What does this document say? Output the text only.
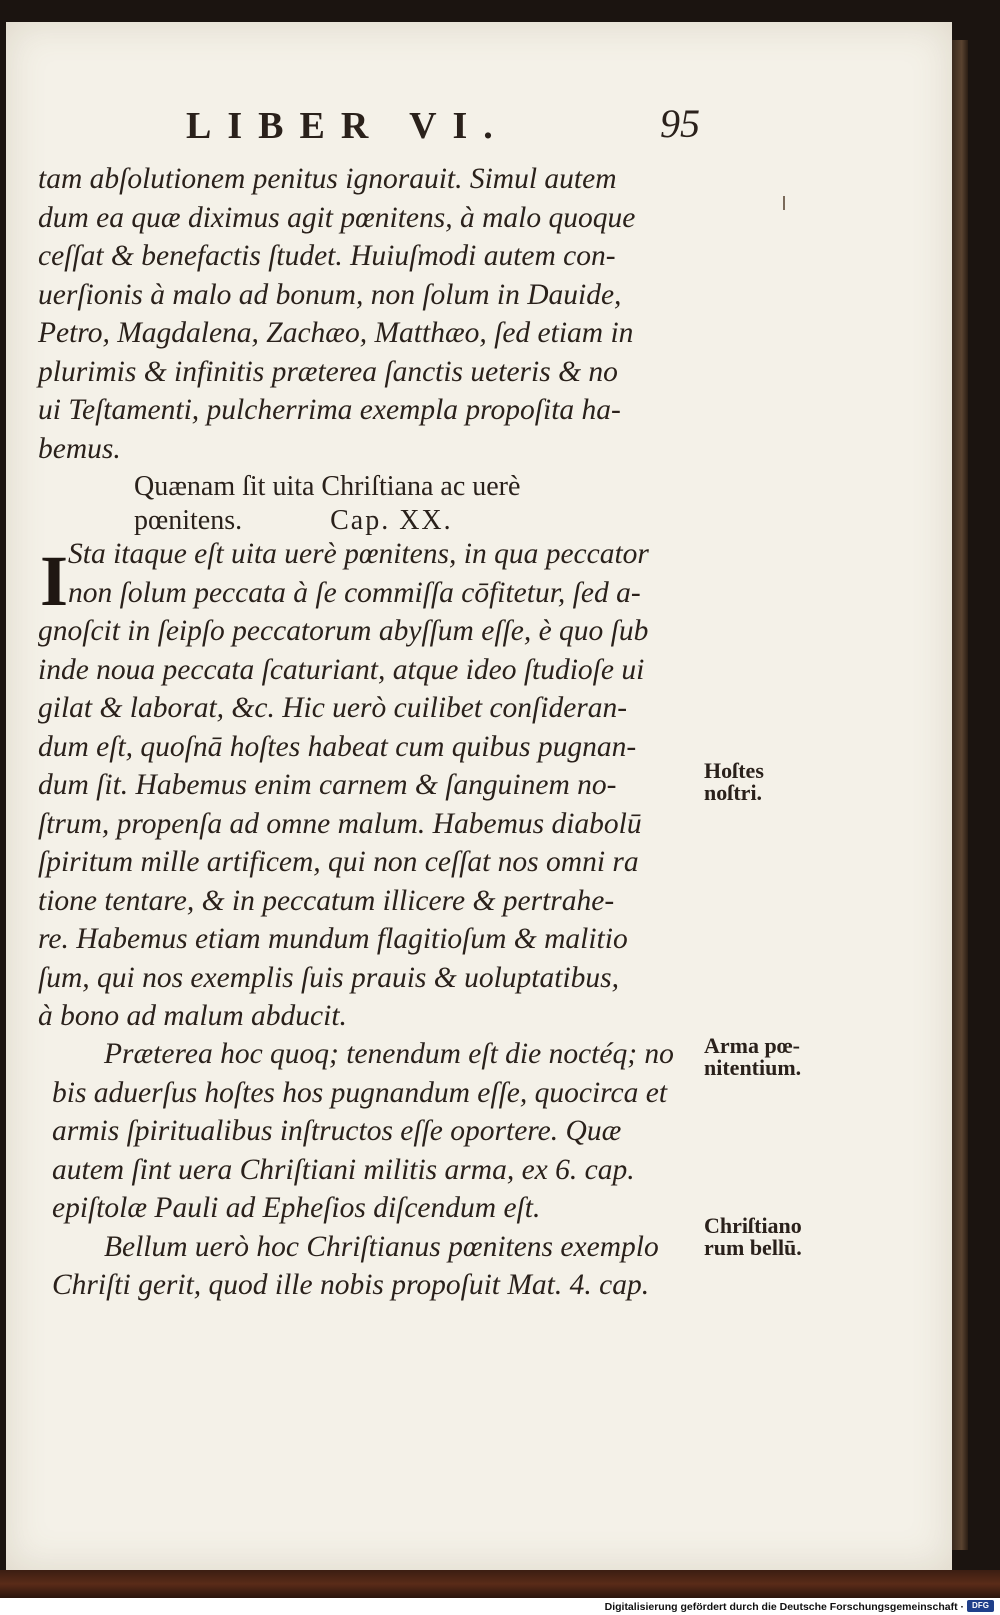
LIBER VI.	95
tam abſolutionem penitus ignorauit. Simul autem
dum ea quæ diximus agit pœnitens, à malo quoque
ceſſat & benefactis ſtudet. Huiuſmodi autem con‐
uerſionis à malo ad bonum, non ſolum in Dauide,
Petro, Magdalena, Zachæo, Matthæo, ſed etiam in
plurimis & infinitis præterea ſanctis ueteris & no
ui Teſtamenti, pulcherrima exempla propoſita ha‐
bemus.
Quænam ſit uita Chriſtiana ac uerè
pœnitens.	Cap. XX.
I Sta itaque eſt uita uerè pœnitens, in qua peccator
non ſolum peccata à ſe commiſſa cōfitetur, ſed a‐
gnoſcit in ſeipſo peccatorum abyſſum eſſe, è quo ſub
inde noua peccata ſcaturiant, atque ideo ſtudioſe ui
gilat & laborat, &c. Hic uerò cuilibet conſideran‐
dum eſt, quoſnā hoſtes habeat cum quibus pugnan‐
dum ſit. Habemus enim carnem & ſanguinem no‐
ſtrum, propenſa ad omne malum. Habemus diabolū
ſpiritum mille artificem, qui non ceſſat nos omni ra
tione tentare, & in peccatum illicere & pertrahe‐
re. Habemus etiam mundum flagitioſum & malitio
ſum, qui nos exemplis ſuis prauis & uoluptatibus,
à bono ad malum abducit.
Præterea hoc quoq; tenendum eſt die noctéq; no
bis aduerſus hoſtes hos pugnandum eſſe, quocirca et
armis ſpiritualibus inſtructos eſſe oportere. Quæ
autem ſint uera Chriſtiani militis arma, ex 6. cap.
epiſtolæ Pauli ad Epheſios diſcendum eſt.
Bellum uerò hoc Chriſtianus pœnitens exemplo
Chriſti gerit, quod ille nobis propoſuit Mat. 4. cap.
Hoſtes
noſtri.
Arma pœ‐
nitentium.
Chriſtiano
rum bellū.
Digitalisierung gefördert durch die Deutsche Forschungsgemeinschaft ·	DFG
